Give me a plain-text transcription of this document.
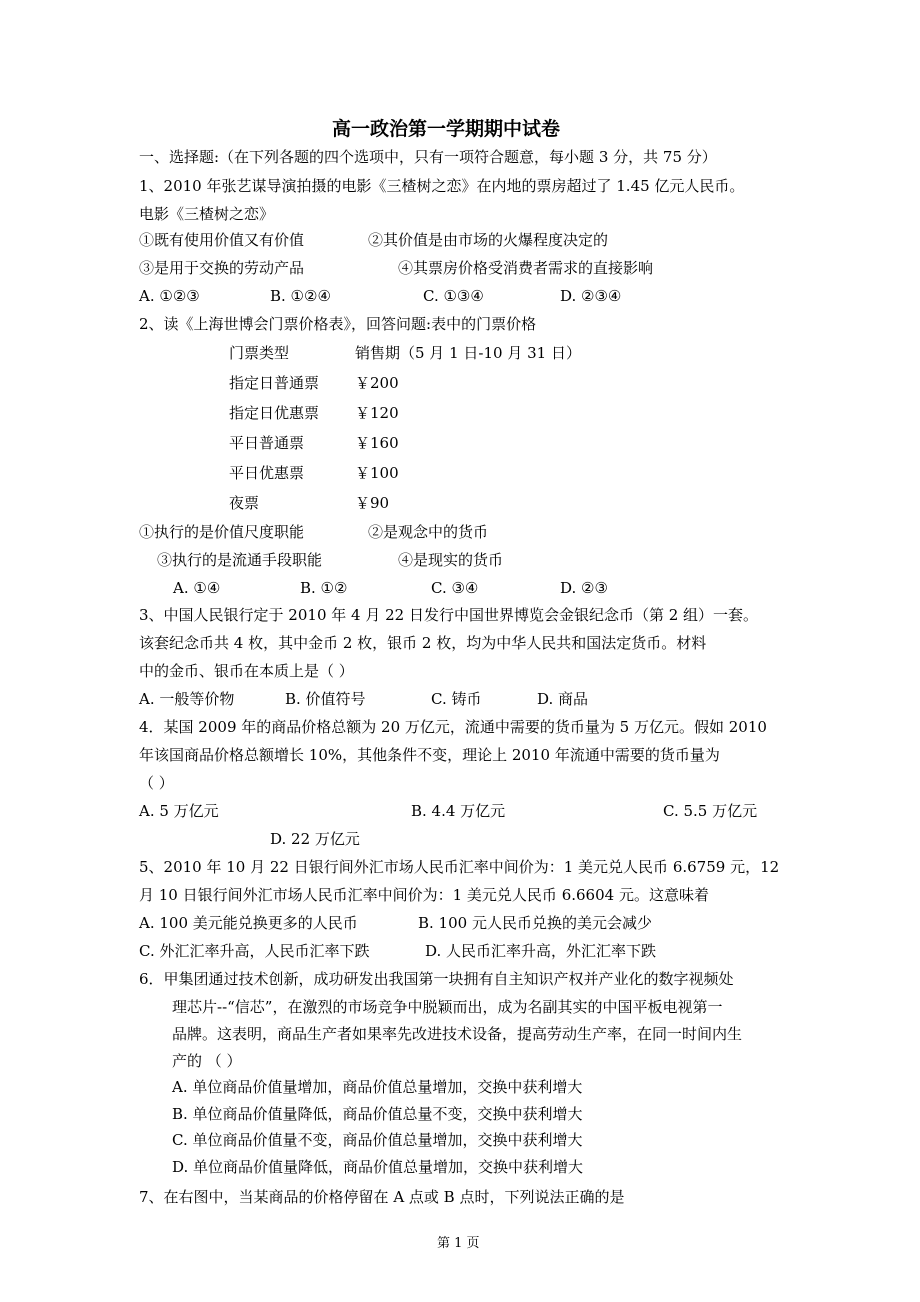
高一政治第一学期期中试卷
一、选择题:（在下列各题的四个选项中，只有一项符合题意，每小题 3 分，共 75 分）
1、2010 年张艺谋导演拍摄的电影《三楂树之恋》在内地的票房超过了 1.45 亿元人民币。
电影《三楂树之恋》
①既有使用价值又有价值	②其价值是由市场的火爆程度决定的
③是用于交换的劳动产品	④其票房价格受消费者需求的直接影响
A. ①②③	B. ①②④	C. ①③④	D. ②③④
2、读《上海世博会门票价格表》，回答问题:表中的门票价格
门票类型	销售期（5 月 1 日-10 月 31 日）
指定日普通票 ￥200
指定日优惠票 ￥120
平日普通票	￥160
平日优惠票	￥100
夜票	￥90
①执行的是价值尺度职能	②是观念中的货币
③执行的是流通手段职能	④是现实的货币
A. ①④	B. ①②	C. ③④	D. ②③
3、中国人民银行定于 2010 年 4 月 22 日发行中国世界博览会金银纪念币（第 2 组）一套。
该套纪念币共 4 枚，其中金币 2 枚，银币 2 枚，均为中华人民共和国法定货币。材料
中的金币、银币在本质上是（ ）
A. 一般等价物	B. 价值符号	C. 铸币	D. 商品
4．某国 2009 年的商品价格总额为 20 万亿元，流通中需要的货币量为 5 万亿元。假如 2010
年该国商品价格总额增长 10%，其他条件不变，理论上 2010 年流通中需要的货币量为
（ ）
A. 5 万亿元	B. 4.4 万亿元	C. 5.5 万亿元
D. 22 万亿元
5、2010 年 10 月 22 日银行间外汇市场人民币汇率中间价为：1 美元兑人民币 6.6759 元，12
月 10 日银行间外汇市场人民币汇率中间价为：1 美元兑人民币 6.6604 元。这意味着
A. 100 美元能兑换更多的人民币	B. 100 元人民币兑换的美元会减少
C. 外汇汇率升高，人民币汇率下跌	D. 人民币汇率升高，外汇汇率下跌
6．甲集团通过技术创新，成功研发出我国第一块拥有自主知识产权并产业化的数字视频处
理芯片--“信芯”，在激烈的市场竞争中脱颖而出，成为名副其实的中国平板电视第一
品牌。这表明，商品生产者如果率先改进技术设备，提高劳动生产率，在同一时间内生
产的 （ ）
A. 单位商品价值量增加，商品价值总量增加，交换中获利增大
B. 单位商品价值量降低，商品价值总量不变，交换中获利增大
C. 单位商品价值量不变，商品价值总量增加，交换中获利增大
D. 单位商品价值量降低，商品价值总量增加，交换中获利增大
7、在右图中，当某商品的价格停留在 A 点或 B 点时，下列说法正确的是
第 1 页
